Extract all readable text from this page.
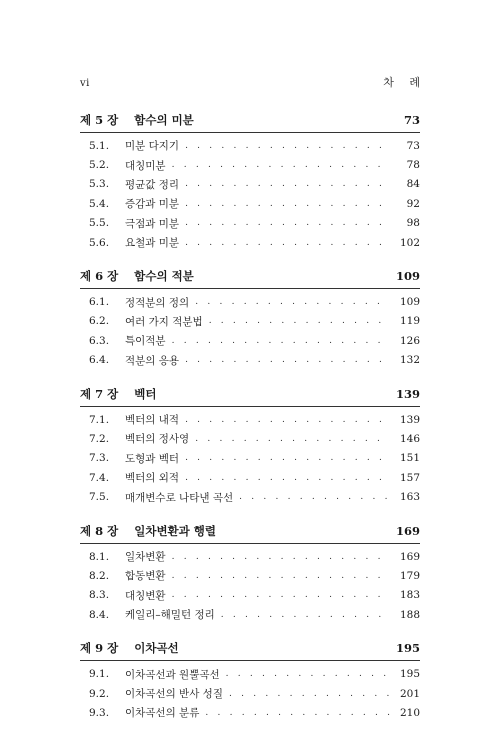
vi	차 례
제 5 장 함수의 미분	73
5.1.	미분 다지기 . . .	73
5.2.	대칭미분 . . .	78
5.3.	평균값 정리 . . .	84
5.4.	증감과 미분 . . .	92
5.5.	극점과 미분 . . .	98
5.6.	요철과 미분 . . .	102
제 6 장 함수의 적분	109
6.1.	정적분의 정의 . . .	109
6.2.	여러 가지 적분법 . . .	119
6.3.	특이적분 . . .	126
6.4.	적분의 응용 . . .	132
제 7 장 벡터	139
7.1.	벡터의 내적 . . .	139
7.2.	벡터의 정사영 . . .	146
7.3.	도형과 벡터 . . .	151
7.4.	벡터의 외적 . . .	157
7.5.	매개변수로 나타낸 곡선 . . .	163
제 8 장 일차변환과 행렬	169
8.1.	일차변환 . . .	169
8.2.	합동변환 . . .	179
8.3.	대칭변환 . . .	183
8.4.	케일리–해밀턴 정리 . . .	188
제 9 장 이차곡선	195
9.1.	이차곡선과 원뿔곡선 . . .	195
9.2.	이차곡선의 반사 성질 . . .	201
9.3.	이차곡선의 분류 . . .	210
